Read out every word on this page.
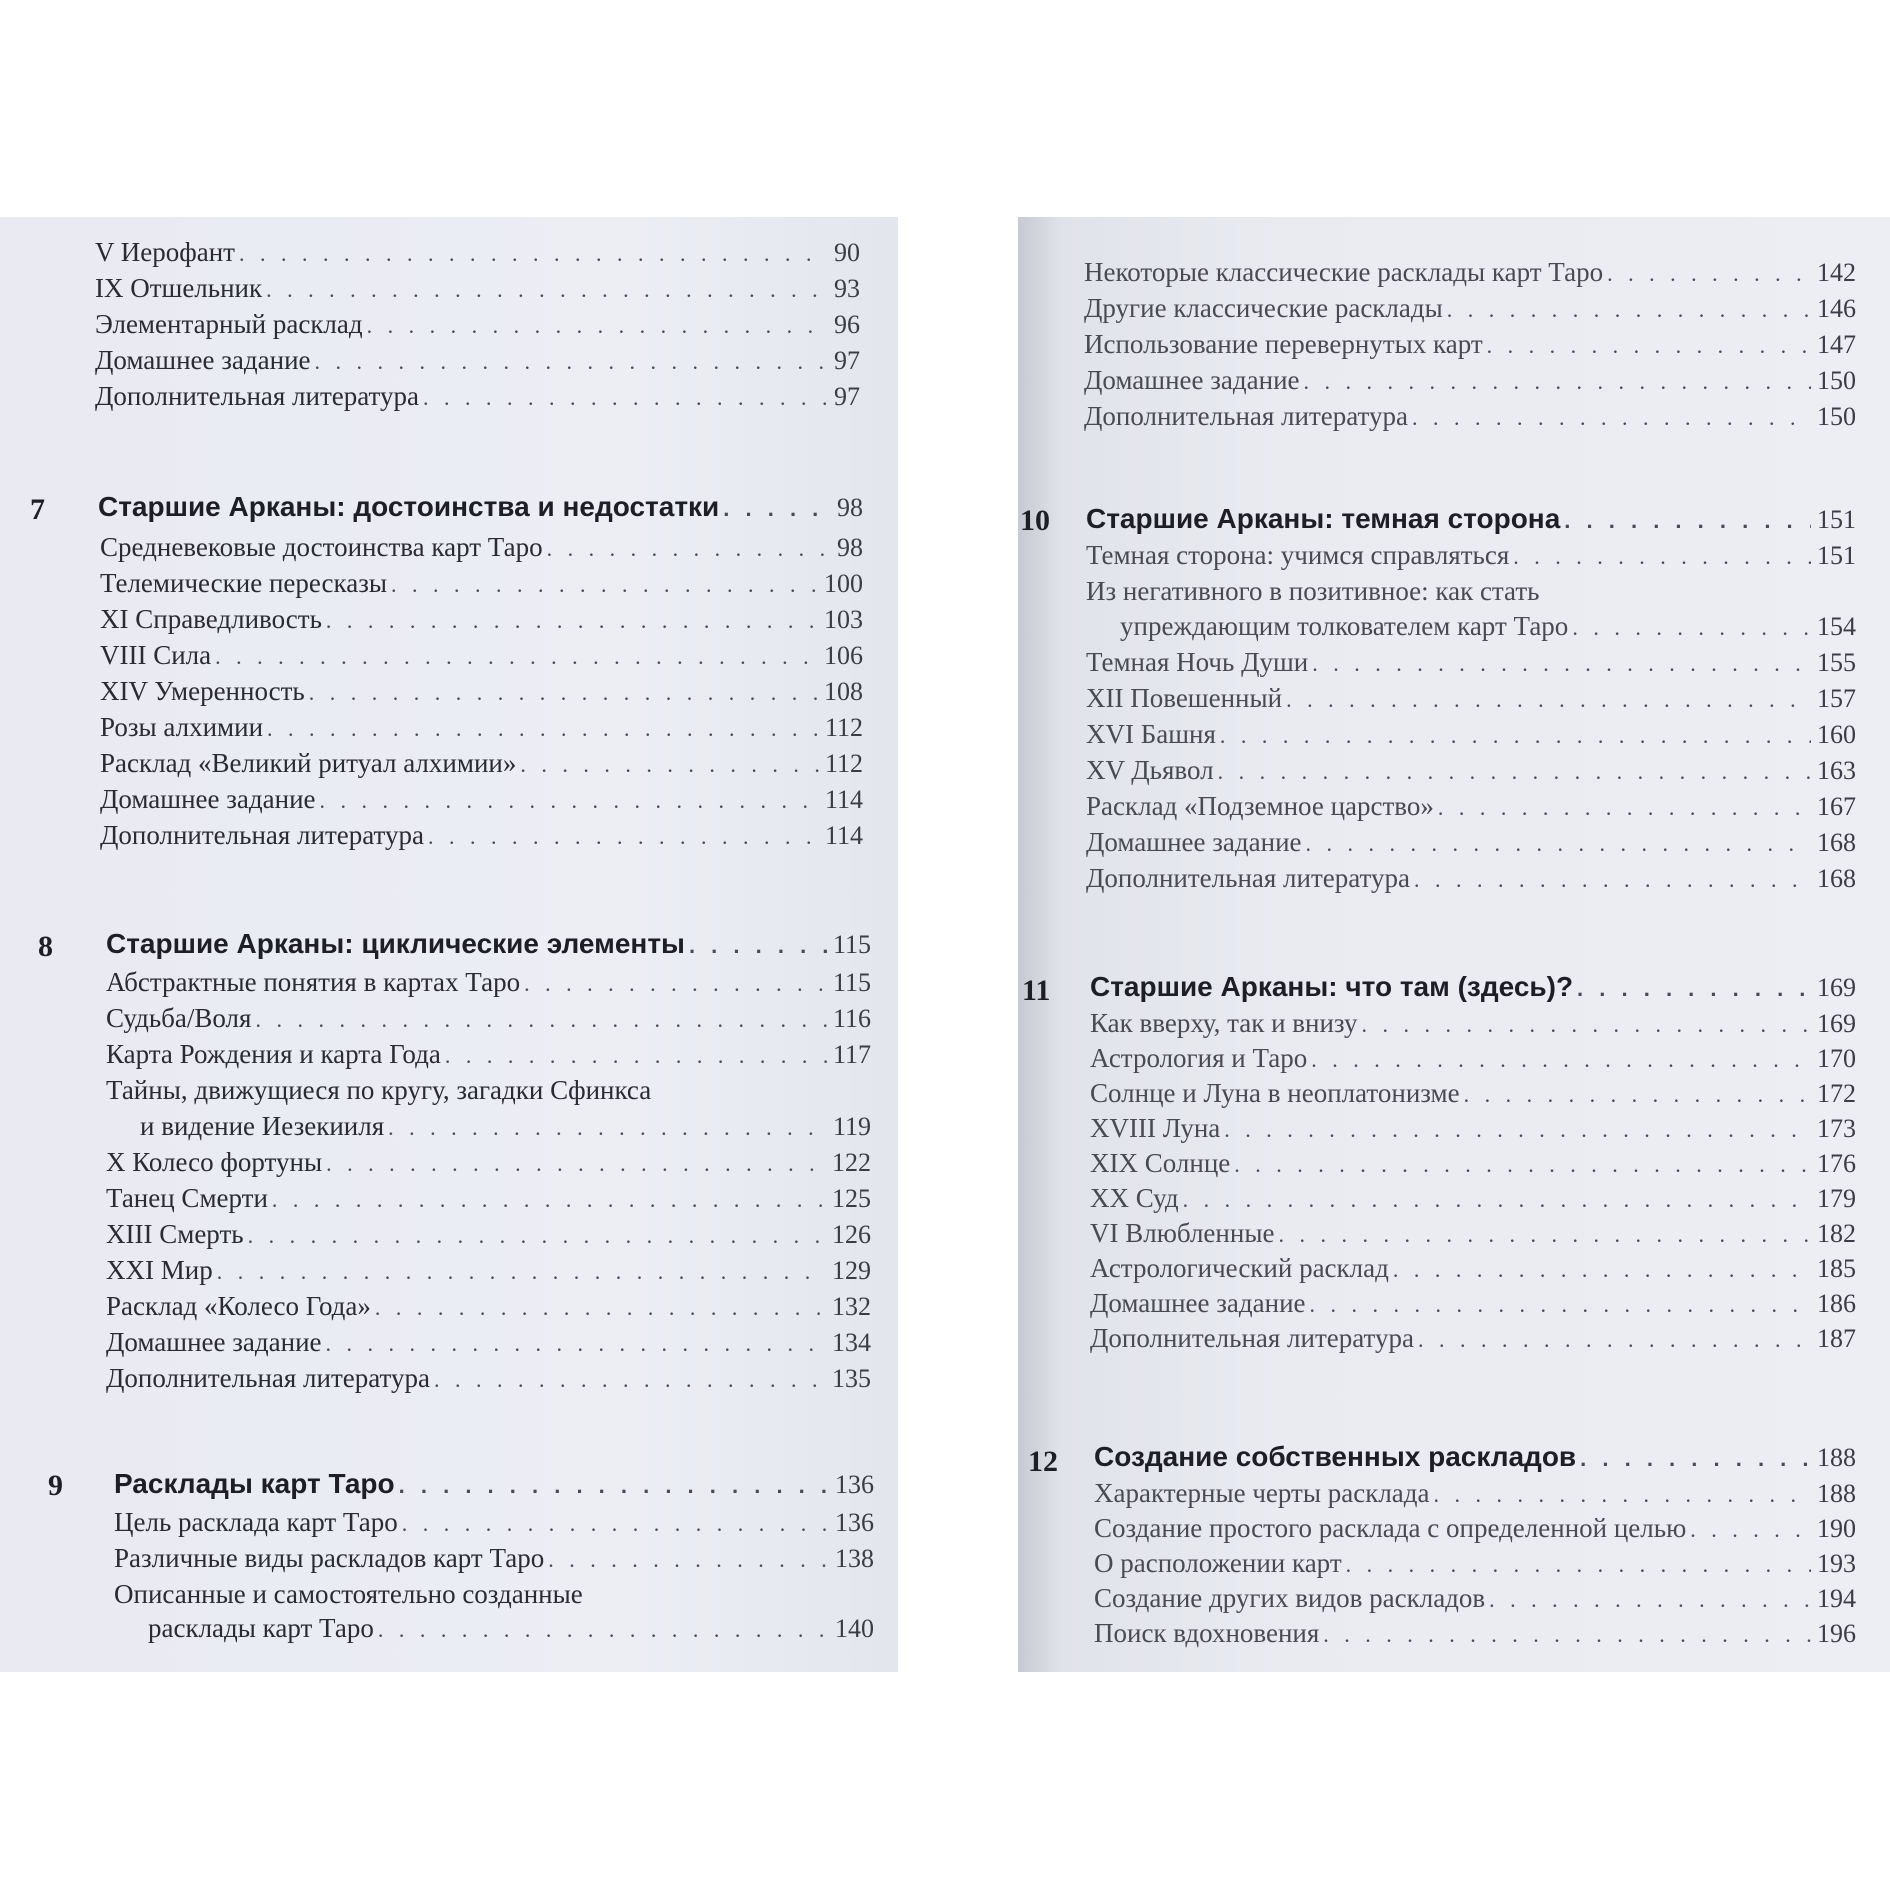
V Иерофант . . .	90
IX Отшельник . . .	93
Элементарный расклад . . .	96
Домашнее задание . . .	97
Дополнительная литература . . .	97
7 Старшие Арканы: достоинства и недостатки . . .	98
Средневековые достоинства карт Таро . . .	98
Телемические пересказы . . .	100
XI Справедливость . . .	103
VIII Сила . . .	106
XIV Умеренность . . .	108
Розы алхимии . . .	112
Расклад «Великий ритуал алхимии» . . .	112
Домашнее задание . . .	114
Дополнительная литература . . .	114
8 Старшие Арканы: циклические элементы . . .	115
Абстрактные понятия в картах Таро . . .	115
Судьба/Воля . . .	116
Карта Рождения и карта Года . . .	117
Тайны, движущиеся по кругу, загадки Сфинкса
и видение Иезекииля . . .	119
X Колесо фортуны . . .	122
Танец Смерти . . .	125
XIII Смерть . . .	126
XXI Мир . . .	129
Расклад «Колесо Года» . . .	132
Домашнее задание . . .	134
Дополнительная литература . . .	135
9 Расклады карт Таро . . .	136
Цель расклада карт Таро . . .	136
Различные виды раскладов карт Таро . . .	138
Описанные и самостоятельно созданные
расклады карт Таро . . .	140
Некоторые классические расклады карт Таро . . .	142
Другие классические расклады . . .	146
Использование перевернутых карт . . .	147
Домашнее задание . . .	150
Дополнительная литература . . .	150
10 Старшие Арканы: темная сторона . . .	151
Темная сторона: учимся справляться . . .	151
Из негативного в позитивное: как стать
упреждающим толкователем карт Таро . . .	154
Темная Ночь Души . . .	155
XII Повешенный . . .	157
XVI Башня . . .	160
XV Дьявол . . .	163
Расклад «Подземное царство» . . .	167
Домашнее задание . . .	168
Дополнительная литература . . .	168
11 Старшие Арканы: что там (здесь)? . . .	169
Как вверху, так и внизу . . .	169
Астрология и Таро . . .	170
Солнце и Луна в неоплатонизме . . .	172
XVIII Луна . . .	173
XIX Солнце . . .	176
XX Суд . . .	179
VI Влюбленные . . .	182
Астрологический расклад . . .	185
Домашнее задание . . .	186
Дополнительная литература . . .	187
12 Создание собственных раскладов . . .	188
Характерные черты расклада . . .	188
Создание простого расклада с определенной целью . . .	190
О расположении карт . . .	193
Создание других видов раскладов . . .	194
Поиск вдохновения . . .	196
